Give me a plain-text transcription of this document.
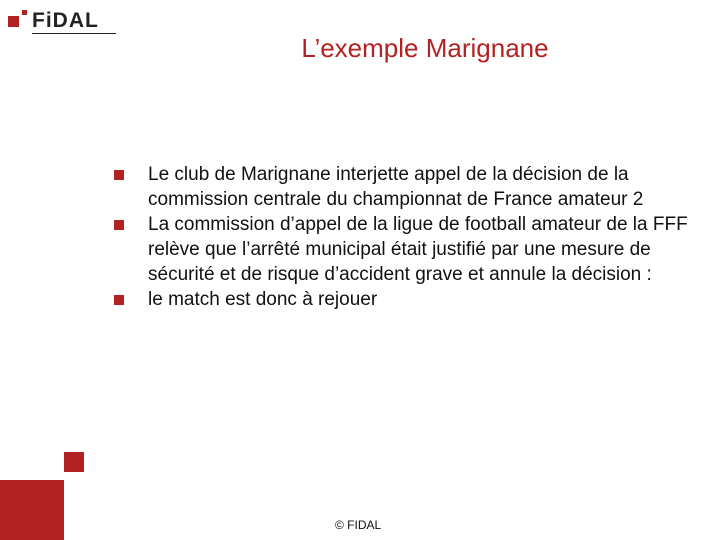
FiDAL
L’exemple Marignane
Le club de Marignane interjette appel de la décision de la commission centrale du championnat de France amateur 2
La commission d’appel de la ligue de football amateur de la FFF relève que l’arrêté municipal était justifié par une mesure de sécurité et de risque d’accident grave et annule la décision :
le match est donc à rejouer
© FIDAL
